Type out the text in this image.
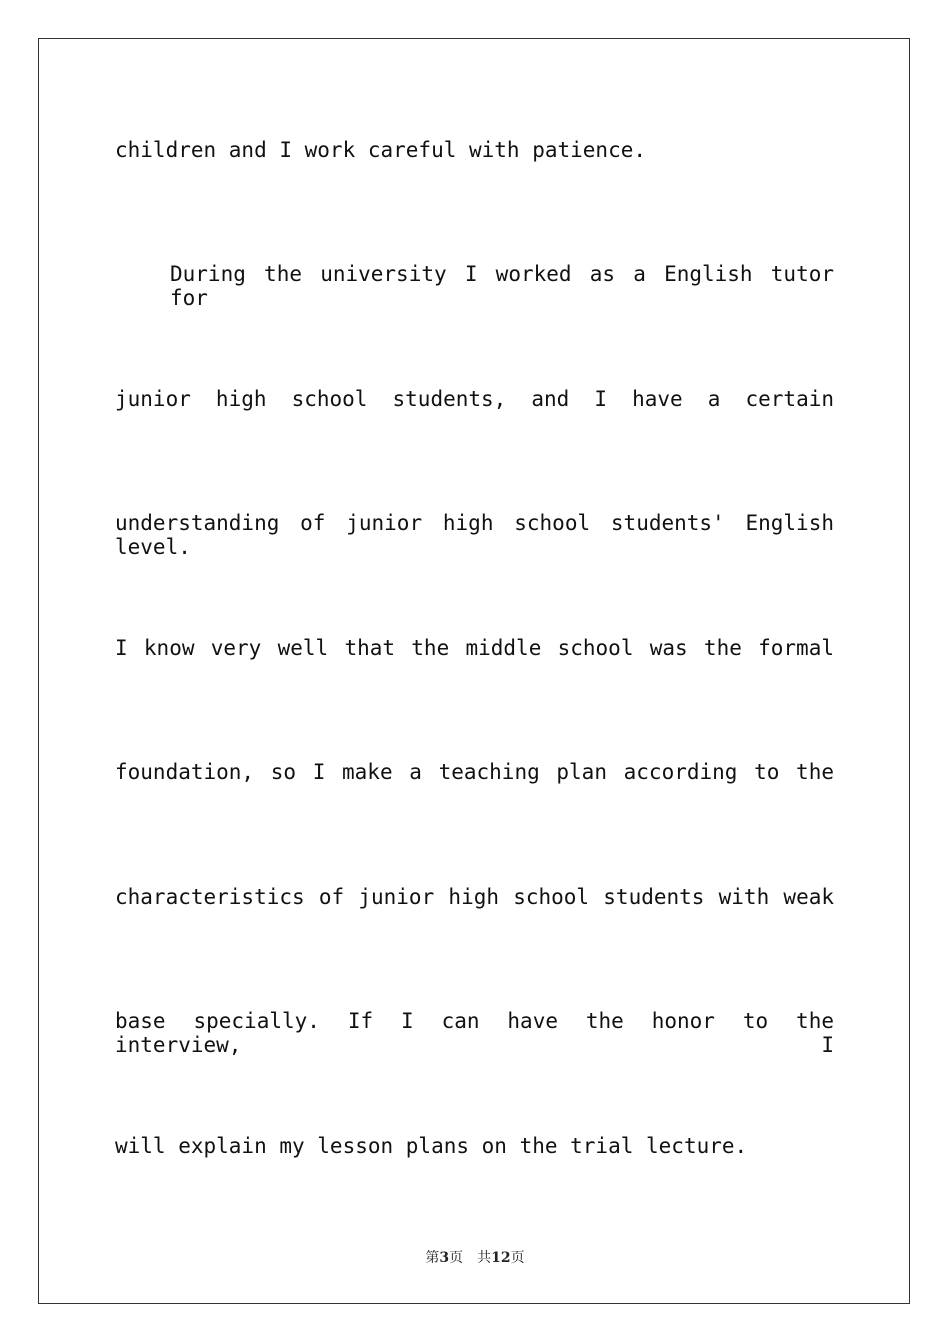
children and I work careful with patience.
During the university I worked as a English tutor for
junior high school students, and I have a certain
understanding of junior high school students' English level.
I know very well that the middle school was the formal
foundation, so I make a teaching plan according to the
characteristics of junior high school students with weak
base specially. If I can have the honor to the interview, I
will explain my lesson plans on the trial lecture.
第3页 共12页
